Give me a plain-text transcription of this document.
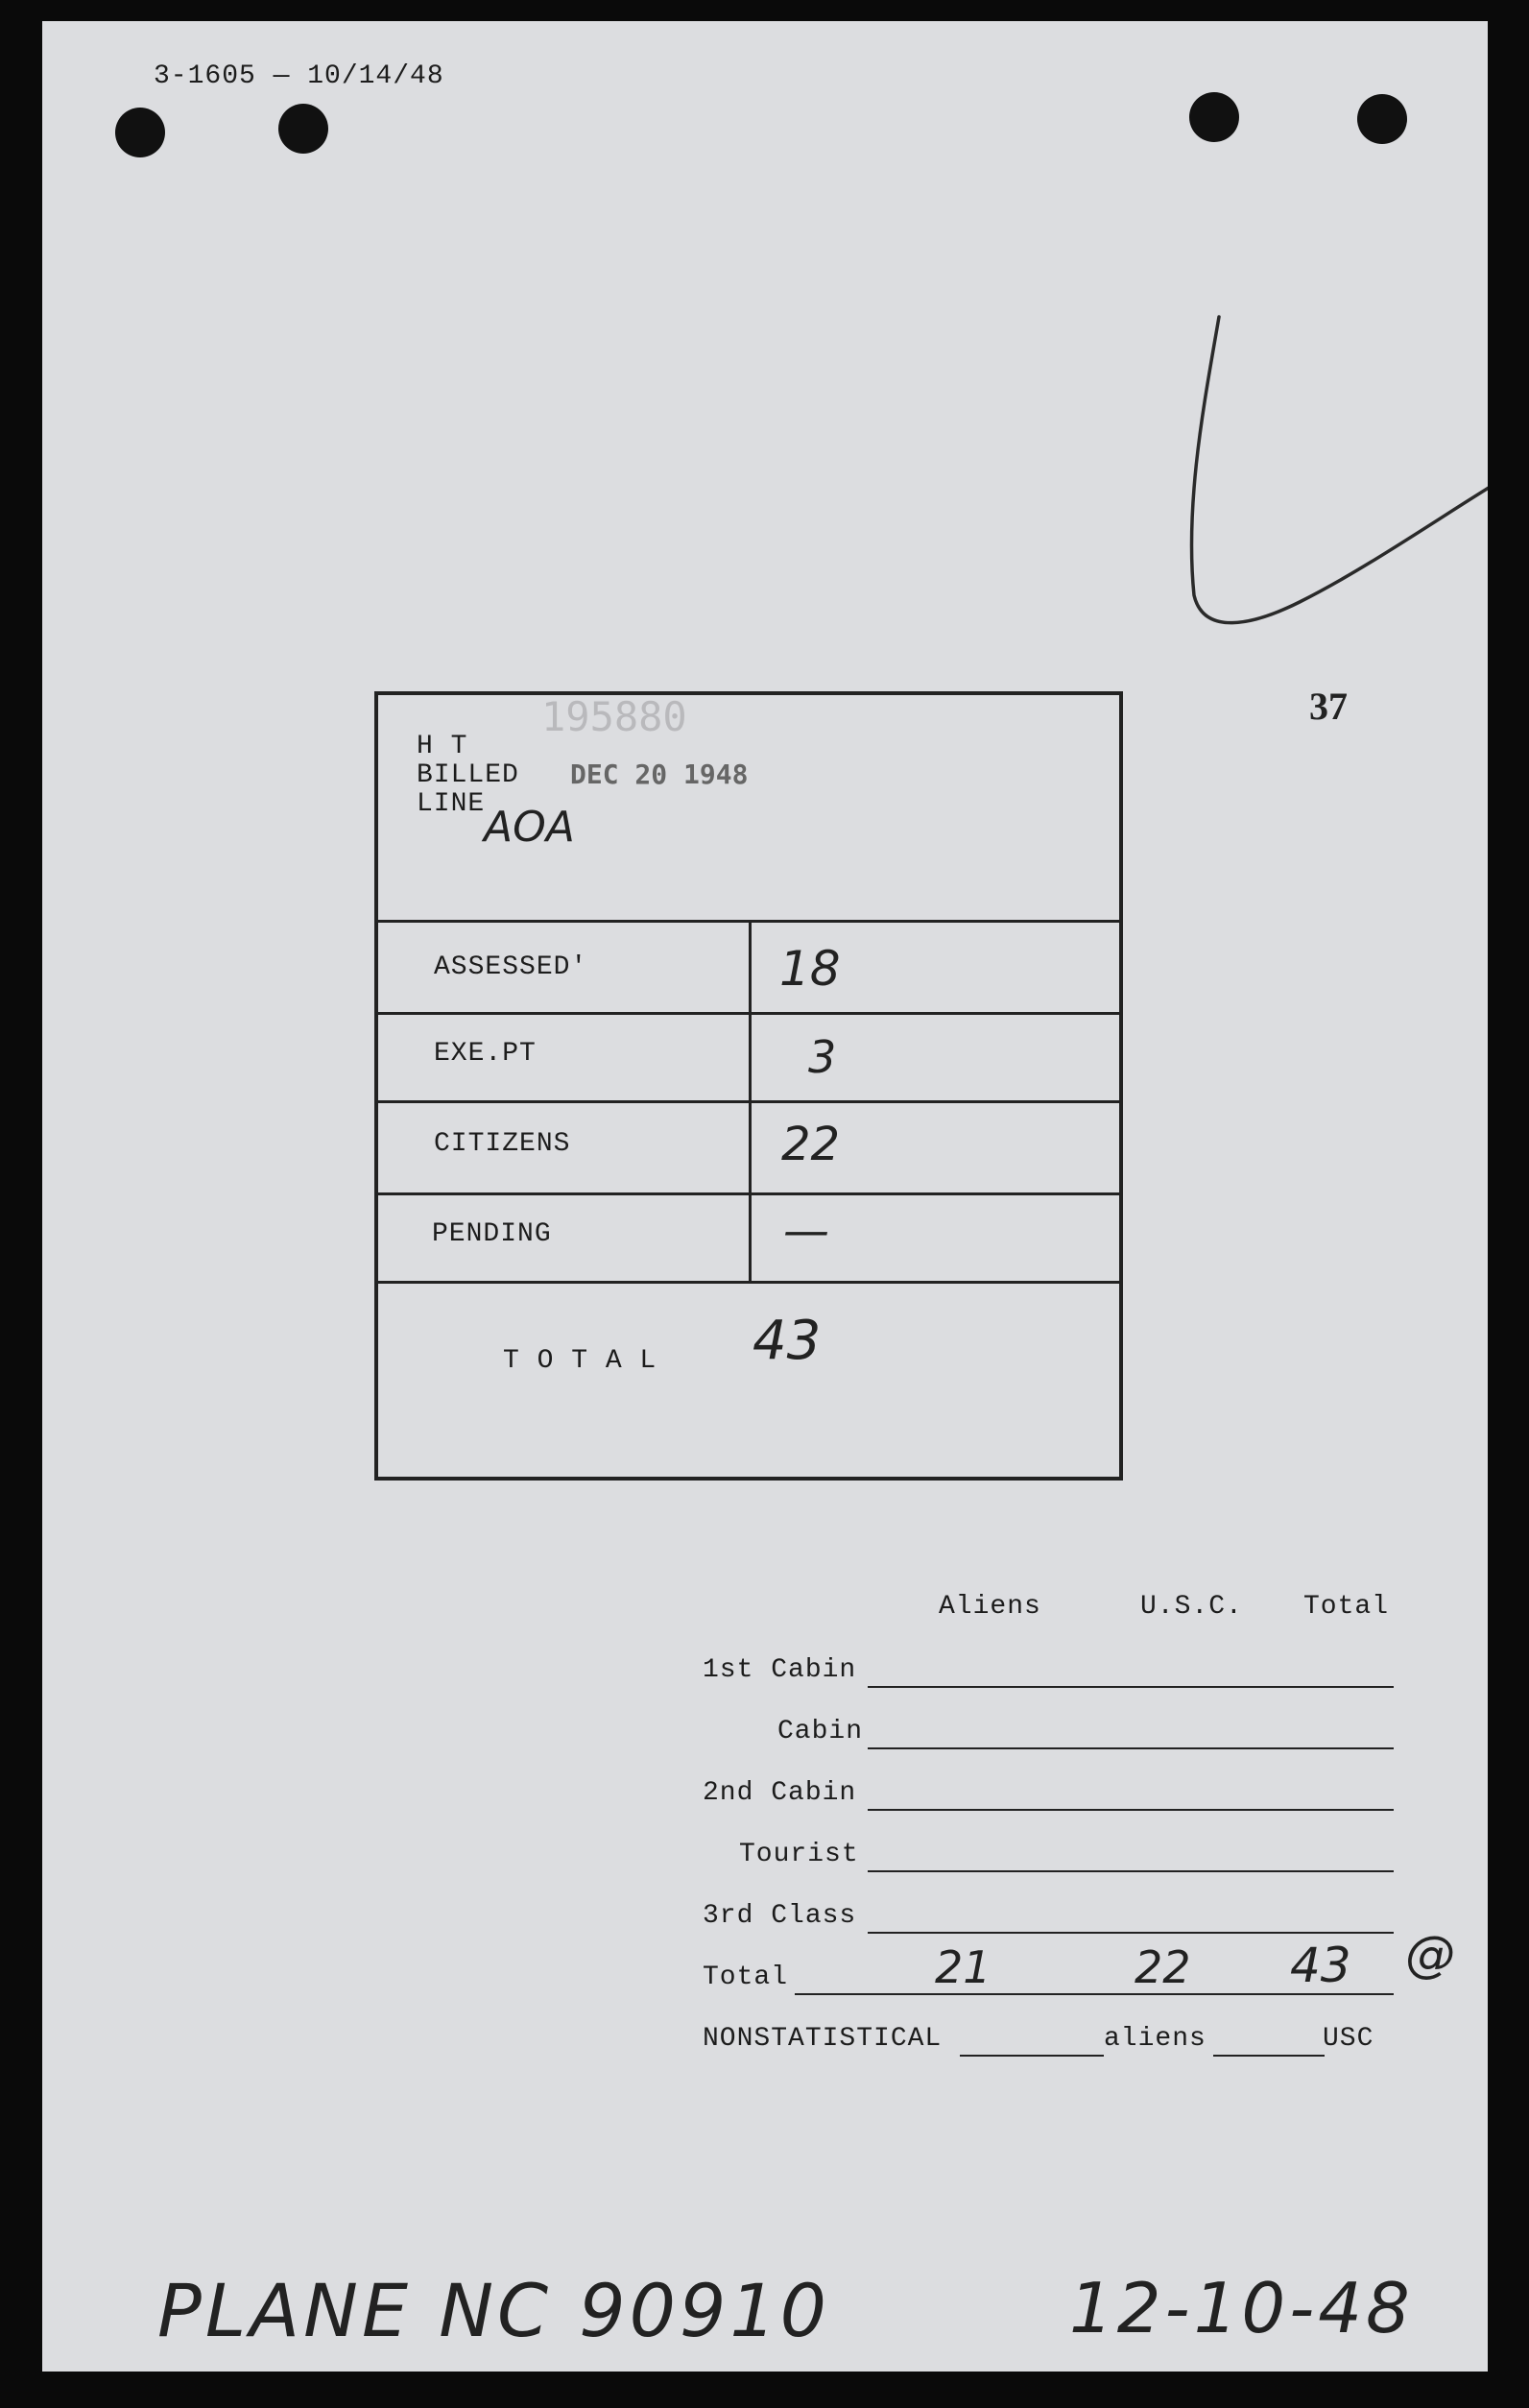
3-1605 — 10/14/48
37
195880
H T
BILLED
LINE
DEC 20 1948
AOA
ASSESSED'	18
EXE.PT	3
CITIZENS	22
PENDING	—
T O T A L 43
Aliens	U.S.C. Total
1st Cabin
Cabin
2nd Cabin
Tourist
3rd Class
Total	21	22 43 @
NONSTATISTICAL	aliens	USC
PLANE NC 90910	12-10-48
